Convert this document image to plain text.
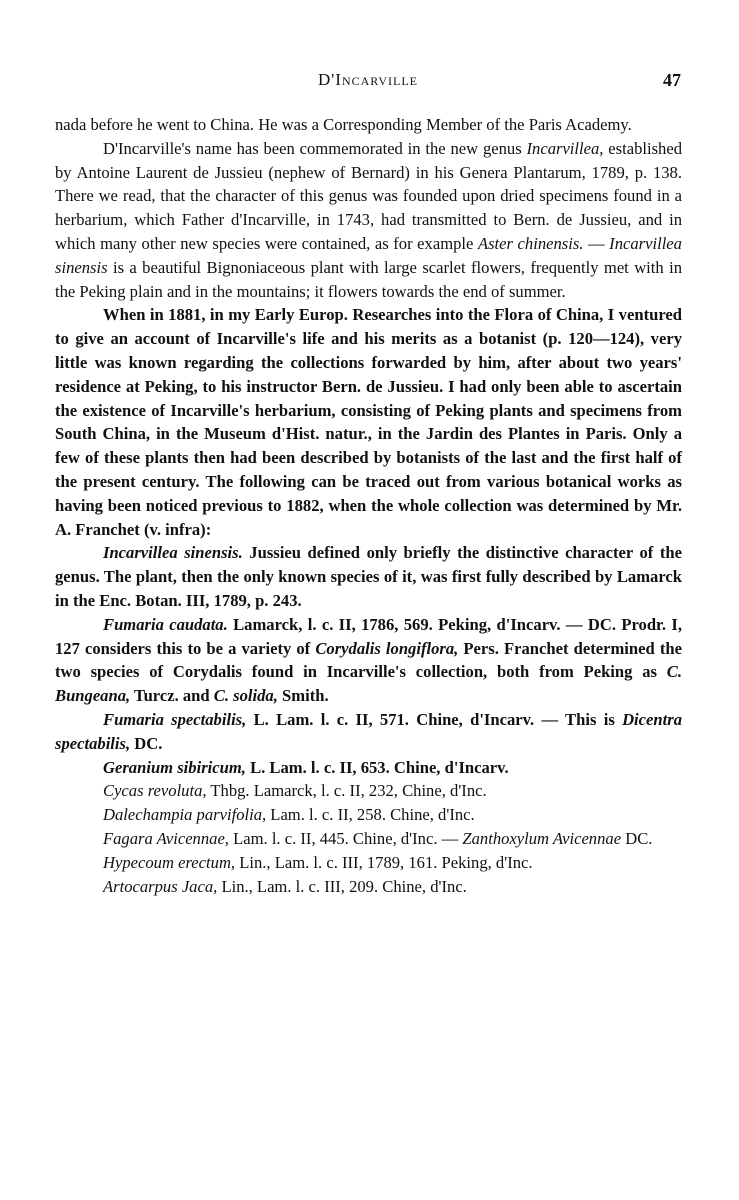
D'Incarville	47

nada before he went to China. He was a Corresponding Member of the Paris Academy.

D'Incarville's name has been commemorated in the new genus Incarvillea, established by Antoine Laurent de Jussieu (nephew of Bernard) in his Genera Plantarum, 1789, p. 138. There we read, that the character of this genus was founded upon dried specimens found in a herbarium, which Father d'Incarville, in 1743, had transmitted to Bern. de Jussieu, and in which many other new species were contained, as for example Aster chinensis. — Incarvillea sinensis is a beautiful Bignoniaceous plant with large scarlet flowers, frequently met with in the Peking plain and in the mountains; it flowers towards the end of summer.

When in 1881, in my Early Europ. Researches into the Flora of China, I ventured to give an account of Incarville's life and his merits as a botanist (p. 120—124), very little was known regarding the collections forwarded by him, after about two years' residence at Peking, to his instructor Bern. de Jussieu. I had only been able to ascertain the existence of Incarville's herbarium, consisting of Peking plants and specimens from South China, in the Museum d'Hist. natur., in the Jardin des Plantes in Paris. Only a few of these plants then had been described by botanists of the last and the first half of the present century. The following can be traced out from various botanical works as having been noticed previous to 1882, when the whole collection was determined by Mr. A. Franchet (v. infra):

Incarvillea sinensis. Jussieu defined only briefly the distinctive character of the genus. The plant, then the only known species of it, was first fully described by Lamarck in the Enc. Botan. III, 1789, p. 243.

Fumaria caudata. Lamarck, l. c. II, 1786, 569. Peking, d'Incarv. — DC. Prodr. I, 127 considers this to be a variety of Corydalis longiflora, Pers. Franchet determined the two species of Corydalis found in Incarville's collection, both from Peking as C. Bungeana, Turcz. and C. solida, Smith.

Fumaria spectabilis, L. Lam. l. c. II, 571. Chine, d'Incarv. — This is Dicentra spectabilis, DC.

Geranium sibiricum, L. Lam. l. c. II, 653. Chine, d'Incarv.

Cycas revoluta, Thbg. Lamarck, l. c. II, 232, Chine, d'Inc.

Dalechampia parvifolia, Lam. l. c. II, 258. Chine, d'Inc.

Fagara Avicennae, Lam. l. c. II, 445. Chine, d'Inc. — Zanthoxylum Avicennae DC.

Hypecoum erectum, Lin., Lam. l. c. III, 1789, 161. Peking, d'Inc.

Artocarpus Jaca, Lin., Lam. l. c. III, 209. Chine, d'Inc.
